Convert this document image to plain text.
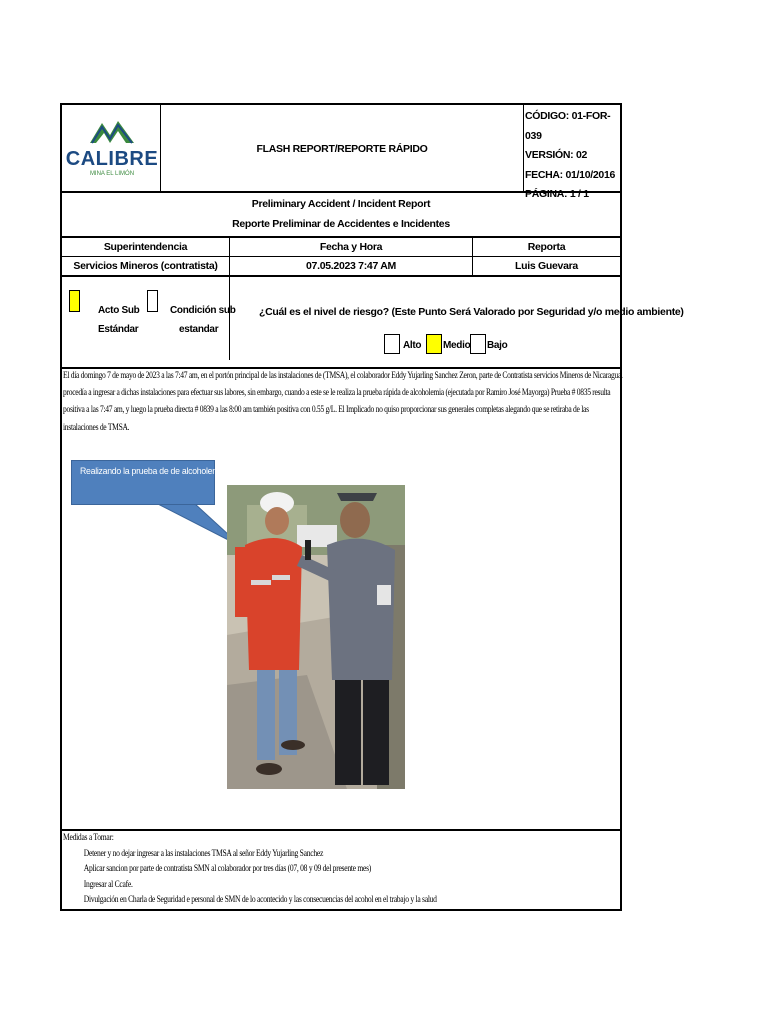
CALIBRE
MINA EL LIMÓN
FLASH REPORT/REPORTE RÁPIDO
CÓDIGO: 01-FOR-039
VERSIÓN: 02
FECHA: 01/10/2016
PÁGINA: 1 / 1
Preliminary Accident / Incident Report
Reporte Preliminar de Accidentes e Incidentes
Superintendencia	Fecha y Hora	Reporta
Servicios Mineros (contratista)	07.05.2023 7:47 AM	Luis Guevara
Acto Sub
Estándar
Condición sub
estandar
¿Cuál es el nivel de riesgo? (Este Punto Será Valorado por Seguridad y/o medio ambiente)
Alto Medio Bajo
El día domingo 7 de mayo de 2023 a las 7:47 am, en el portón principal de las instalaciones de (TMSA), el colaborador Eddy Yujarling Sanchez Zeron, parte de Contratista servicios Mineros de Nicaragua. procedía a ingresar a dichas instalaciones para efectuar sus labores, sin embargo, cuando a este se le realiza la prueba rápida de alcoholemia (ejecutada por Ramiro José Mayorga) Prueba # 0835 resulta positiva a las 7:47 am, y luego la prueba directa # 0839 a las 8:00 am también positiva con 0.55 g/L. El Implicado no quiso proporcionar sus generales completas alegando que se retiraba de las instalaciones de TMSA.
Realizando la prueba de de alcoholemia
Medidas a Tomar:
Detener y no dejar ingresar a las instalaciones TMSA al señor Eddy Yujarling Sanchez
Aplicar sancion por parte de contratista SMN al colaborador por tres días (07, 08 y 09 del presente mes)
Ingresar al Ccafe.
Divulgación en Charla de Seguridad e personal de SMN de lo acontecido y las consecuencias del acohol en el trabajo y la salud
